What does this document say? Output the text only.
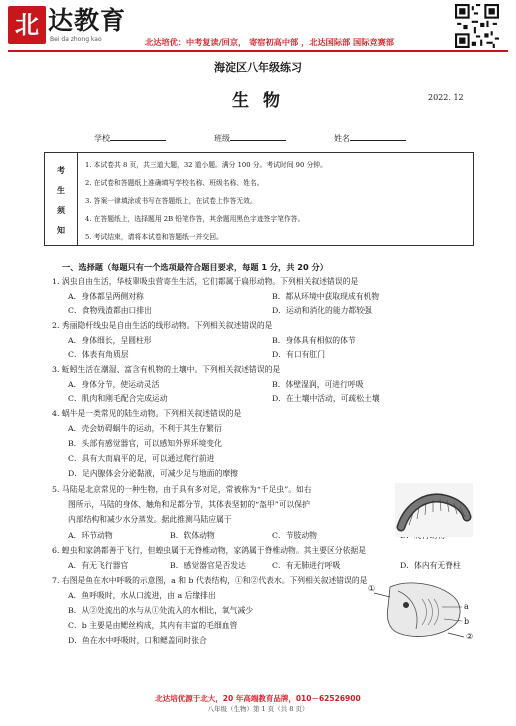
北 达教育
Bei da zhong kao	北达培优：中考复读/回京， 寄宿初高中部 ，北达国际部 国际竞赛部
海淀区八年级练习
生 物	2022. 12
学校	班级	姓名
考
生
须
知
1. 本试卷共 8 页，共三道大题，32 道小题。满分 100 分。考试时间 90 分钟。
2. 在试卷和答题纸上准确填写学校名称、班级名称、姓名。
3. 答案一律填涂或书写在答题纸上，在试卷上作答无效。
4. 在答题纸上，选择题用 2B 铅笔作答，其余题用黑色字迹签字笔作答。
5. 考试结束，请将本试卷和答题纸一并交回。
一、选择题（每题只有一个选项最符合题目要求，每题 1 分，共 20 分）
1. 涡虫自由生活，华枝睾吸虫营寄生生活，它们都属于扁形动物。下列相关叙述错误的是
A．身体都呈两侧对称	B．都从环境中获取现成有机物
C．食物残渣都由口排出	D．运动和消化的能力都较强
2. 秀丽隐杆线虫是自由生活的线形动物。下列相关叙述错误的是
A．身体细长，呈圆柱形	B．身体具有相似的体节
C．体表有角质层	D．有口有肛门
3. 蚯蚓生活在潮湿、富含有机物的土壤中。下列相关叙述错误的是
A．身体分节，使运动灵活	B．体壁湿润，可进行呼吸
C．肌肉和刚毛配合完成运动	D．在土壤中活动，可疏松土壤
4. 蜗牛是一类常见的陆生动物。下列相关叙述错误的是
A．壳会妨碍蜗牛的运动，不利于其生存繁衍
B．头部有感觉器官，可以感知外界环境变化
C．具有大而扁平的足，可以通过爬行前进
D．足内腺体会分泌黏液，可减少足与地面的摩擦
5. 马陆是北京常见的一种生物，由于具有多对足，常被称为“千足虫”。如右
图所示，马陆的身体、触角和足都分节，其体表坚韧的“盔甲”可以保护
内部结构和减少水分蒸发。据此推测马陆应属于
A．环节动物	B．软体动物	C．节肢动物
6. 蝗虫和家鸽都善于飞行，但蝗虫属于无脊椎动物，家鸽属于脊椎动物。其主要区分依据是
A．有无飞行器官	B．感觉器官是否发达	C．有无肺进行呼吸	D．体内有无脊柱
7. 右图是鱼在水中呼吸的示意图，a 和 b 代表结构，①和②代表水。下列相关叙述错误的是
A．鱼呼吸时，水从口流进，由 a 后缘排出
B．从②处流出的水与从①处流入的水相比，氧气减少
C．b 主要是由鳃丝构成，其内有丰富的毛细血管
D．鱼在水中呼吸时，口和鳃盖同时张合
①
a
b
②
北达培优源于北大，20 年高端教育品牌，010－62526900
八年级（生物）第 1 页（共 8 页）
